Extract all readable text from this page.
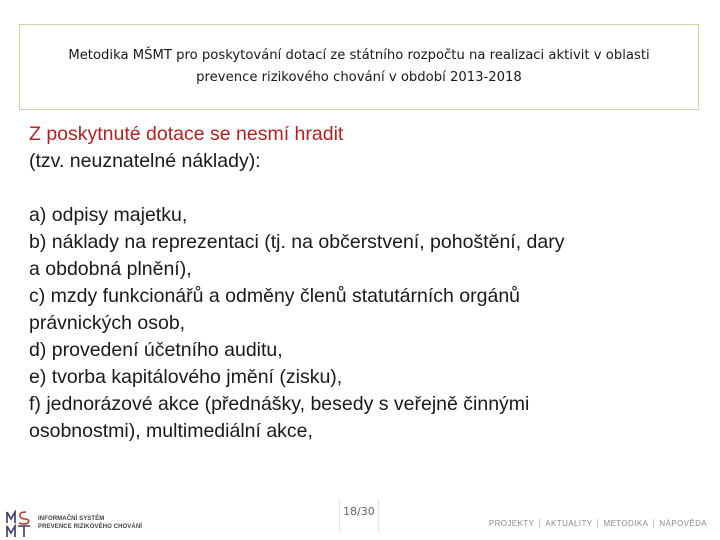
Metodika MŠMT pro poskytování dotací ze státního rozpočtu na realizaci aktivit v oblasti
prevence rizikového chování v období 2013-2018
Z poskytnuté dotace se nesmí hradit
(tzv. neuznatelné náklady):
a) odpisy majetku,
b) náklady na reprezentaci (tj. na občerstvení, pohoštění, dary
a obdobná plnění),
c) mzdy funkcionářů a odměny členů statutárních orgánů
právnických osob,
d) provedení účetního auditu,
e) tvorba kapitálového jmění (zisku),
f) jednorázové akce (přednášky, besedy s veřejně činnými
osobnostmi), multimediální akce,
18/30
INFORMAČNÍ SYSTÉM
PREVENCE RIZIKOVÉHO CHOVÁNÍ	PROJEKTY	AKTUALITY	METODIKA	NÁPOVĚDA
